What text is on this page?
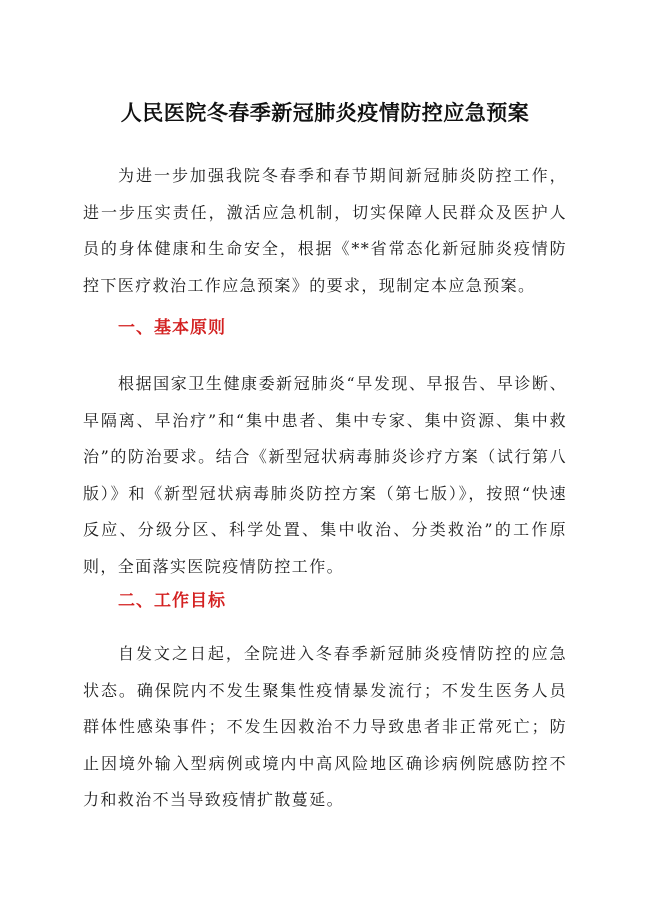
人民医院冬春季新冠肺炎疫情防控应急预案

为进一步加强我院冬春季和春节期间新冠肺炎防控工作，进一步压实责任，激活应急机制，切实保障人民群众及医护人员的身体健康和生命安全，根据《**省常态化新冠肺炎疫情防控下医疗救治工作应急预案》的要求，现制定本应急预案。

一、基本原则

根据国家卫生健康委新冠肺炎“早发现、早报告、早诊断、早隔离、早治疗”和“集中患者、集中专家、集中资源、集中救治”的防治要求。结合《新型冠状病毒肺炎诊疗方案（试行第八版）》和《新型冠状病毒肺炎防控方案（第七版）》，按照“快速反应、分级分区、科学处置、集中收治、分类救治”的工作原则，全面落实医院疫情防控工作。

二、工作目标

自发文之日起，全院进入冬春季新冠肺炎疫情防控的应急状态。确保院内不发生聚集性疫情暴发流行；不发生医务人员群体性感染事件；不发生因救治不力导致患者非正常死亡；防止因境外输入型病例或境内中高风险地区确诊病例院感防控不力和救治不当导致疫情扩散蔓延。
